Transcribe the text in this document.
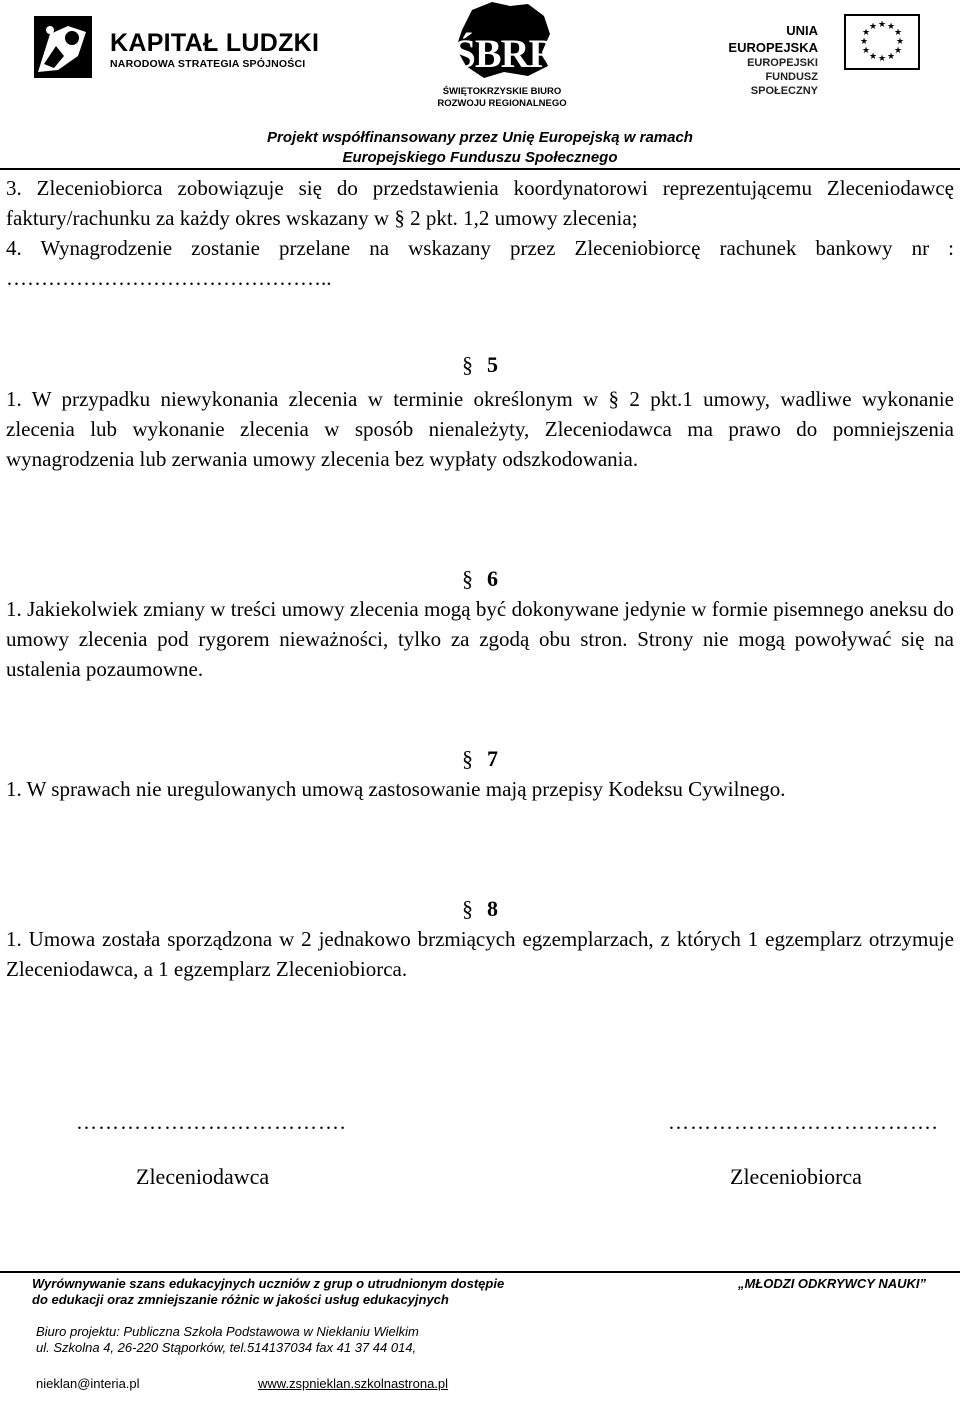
KAPITAŁ LUDZKI
NARODOWA STRATEGIA SPÓJNOŚCI	ŚBRR
ŚWIĘTOKRZYSKIE BIURO
ROZWOJU REGIONALNEGO
UNIA EUROPEJSKA
EUROPEJSKI
FUNDUSZ SPOŁECZNY
★ ★
★
★
★
★
★
★
★
★
★
★
Projekt współfinansowany przez Unię Europejską w ramach
Europejskiego Funduszu Społecznego

3. Zleceniobiorca zobowiązuje się do przedstawienia koordynatorowi reprezentującemu Zleceniodawcę faktury/rachunku za każdy okres wskazany w § 2 pkt. 1,2 umowy zlecenia;

4. Wynagrodzenie zostanie przelane na wskazany przez Zleceniobiorcę rachunek bankowy nr : ………………………………………..

§ 5

1. W przypadku niewykonania zlecenia w terminie określonym w § 2 pkt.1 umowy, wadliwe wykonanie zlecenia lub wykonanie zlecenia w sposób nienależyty, Zleceniodawca ma prawo do pomniejszenia wynagrodzenia lub zerwania umowy zlecenia bez wypłaty odszkodowania.

§ 6

1. Jakiekolwiek zmiany w treści umowy zlecenia mogą być dokonywane jedynie w formie pisemnego aneksu do umowy zlecenia pod rygorem nieważności, tylko za zgodą obu stron. Strony nie mogą powoływać się na ustalenia pozaumowne.

§ 7

1. W sprawach nie uregulowanych umową zastosowanie mają przepisy Kodeksu Cywilnego.

§ 8

1. Umowa została sporządzona w 2 jednakowo brzmiących egzemplarzach, z których 1 egzemplarz otrzymuje Zleceniodawca, a 1 egzemplarz Zleceniobiorca.

……………………………….	……………………………….
Zleceniodawca	Zleceniobiorca
Wyrównywanie szans edukacyjnych uczniów z grup o utrudnionym dostępie
do edukacji oraz zmniejszanie różnic w jakości usług edukacyjnych
„MŁODZI ODKRYWCY NAUKI”
Biuro projektu: Publiczna Szkoła Podstawowa w Niekłaniu Wielkim
ul. Szkolna 4, 26-220 Stąporków, tel.514137034 fax 41 37 44 014,
nieklan@interia.pl	www.zspnieklan.szkolnastrona.pl
